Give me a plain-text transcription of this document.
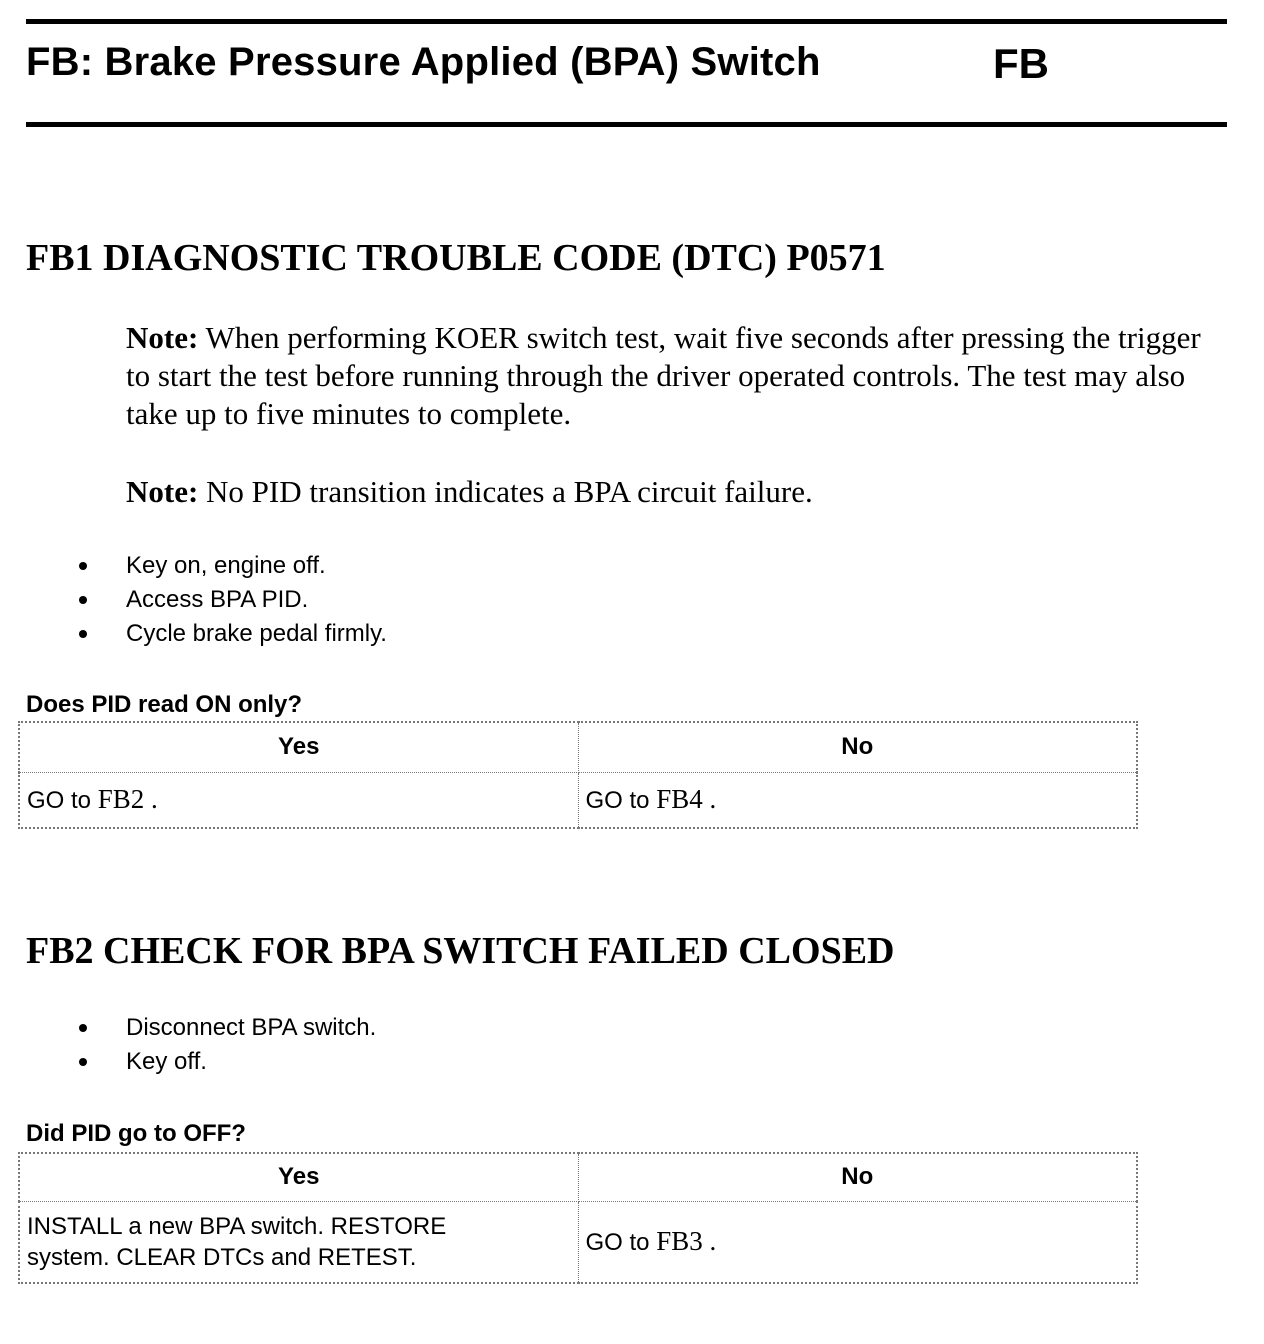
FB: Brake Pressure Applied (BPA) Switch	FB
FB1 DIAGNOSTIC TROUBLE CODE (DTC) P0571
Note: When performing KOER switch test, wait five seconds after pressing the trigger to start the test before running through the driver operated controls. The test may also take up to five minutes to complete.
Note: No PID transition indicates a BPA circuit failure.
Key on, engine off.
Access BPA PID.
Cycle brake pedal firmly.
Does PID read ON only?
Yes	No
GO to FB2 .	GO to FB4 .
FB2 CHECK FOR BPA SWITCH FAILED CLOSED
Disconnect BPA switch.
Key off.
Did PID go to OFF?
Yes	No

INSTALL a new BPA switch. RESTORE
system. CLEAR DTCs and RETEST.	GO to FB3 .
